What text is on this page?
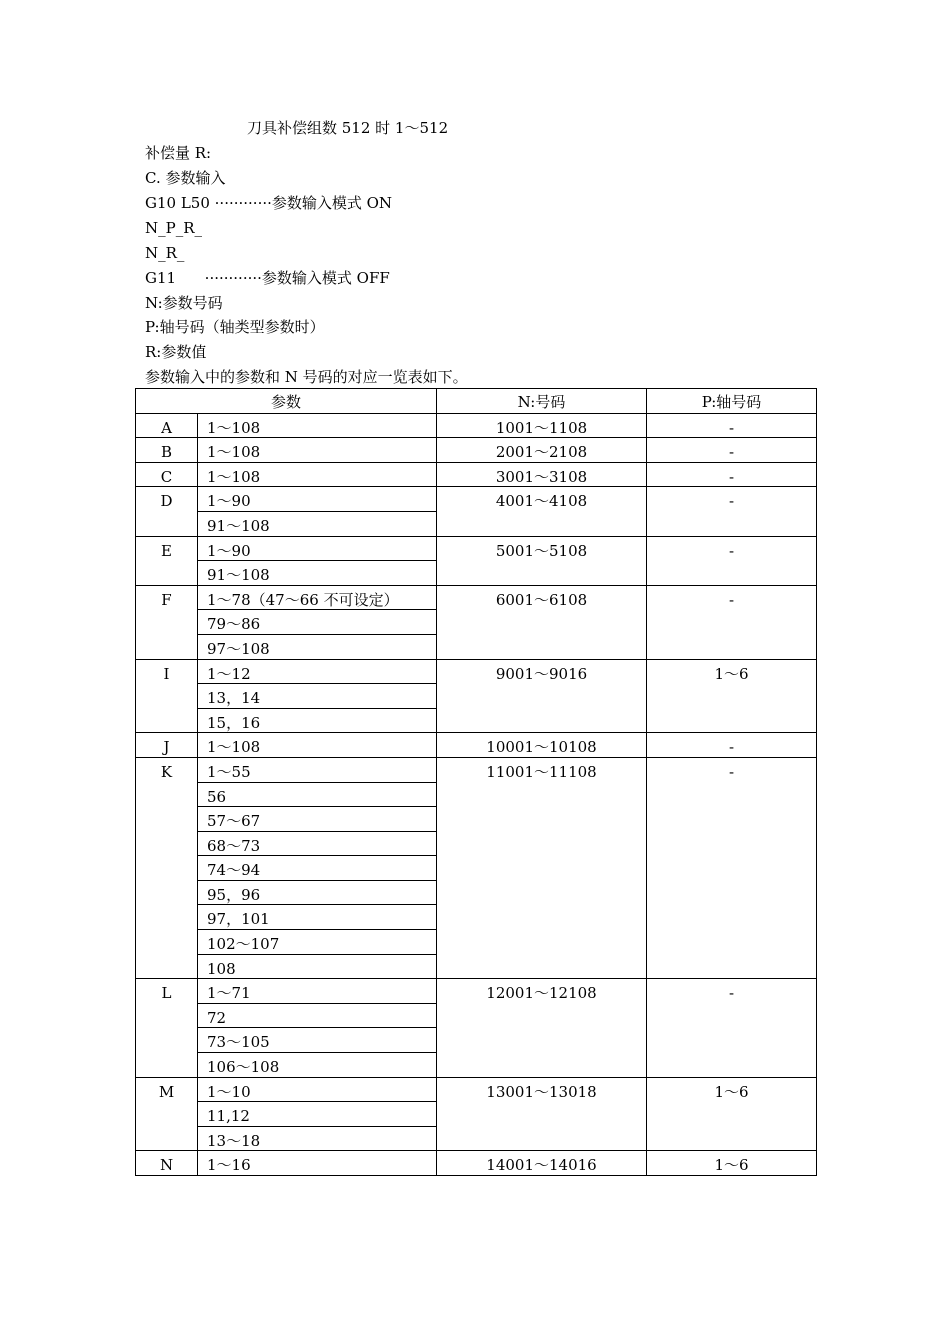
刀具补偿组数 512 时 1～512
补偿量 R:
C. 参数输入
G10 L50 ············参数输入模式 ON
N_P_R_
N_R_
G11      ············参数输入模式 OFF
N:参数号码
P:轴号码（轴类型参数时）
R:参数值
参数输入中的参数和 N 号码的对应一览表如下。
参数		N:号码	P:轴号码
A	1～108	1001～1108	-
B	1～108	2001～2108	-
C	1～108	3001～3108	-
D	1～90	4001～4108	-
	91～108		
E	1～90	5001～5108	-
	91～108		
F	1～78（47～66 不可设定）	6001～6108	-
	79～86		
	97～108		
I	1～12	9001～9016	1～6
	13，14		
	15，16		
J	1～108	10001～10108	-
K	1～55	11001～11108	-
	56		
	57～67		
	68～73		
	74～94		
	95，96		
	97，101		
	102～107		
	108		
L	1～71	12001～12108	-
	72		
	73～105		
	106～108		
M	1～10	13001～13018	1～6
	11,12		
	13～18		
N	1～16	14001～14016	1～6
